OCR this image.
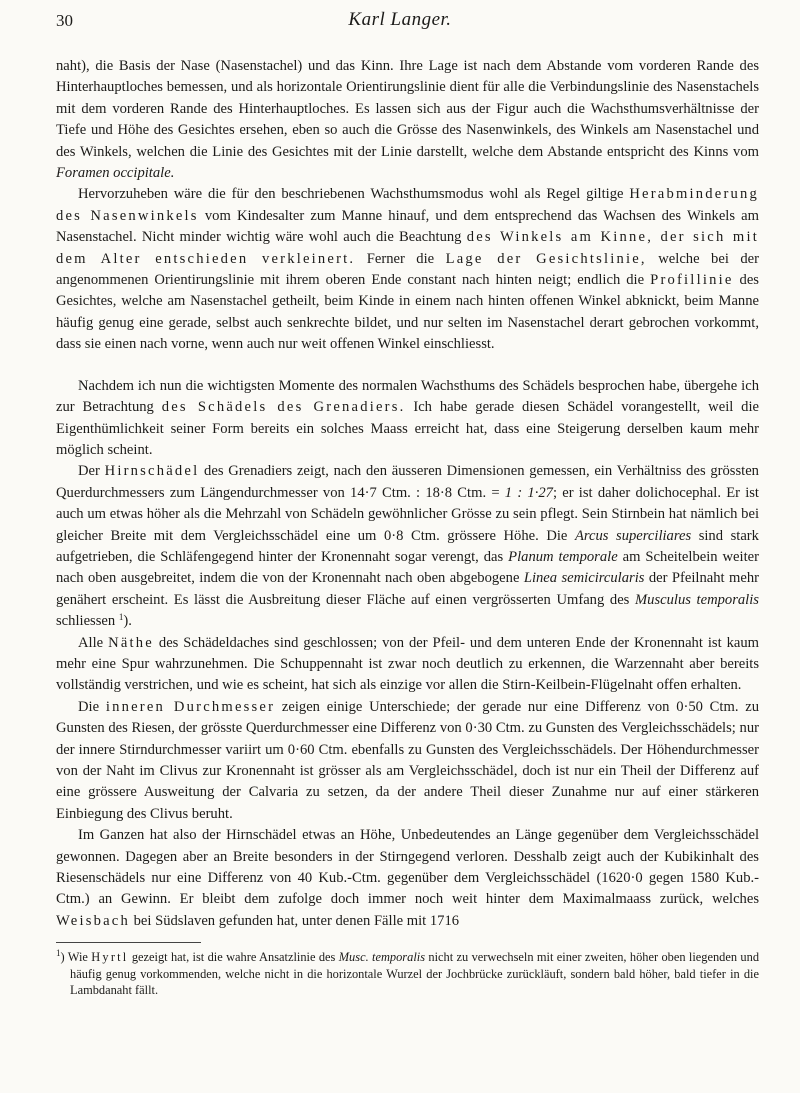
30	Karl Langer.

naht), die Basis der Nase (Nasenstachel) und das Kinn. Ihre Lage ist nach dem Abstande vom vorderen Rande des Hinterhauptloches bemessen, und als horizontale Orientirungslinie dient für alle die Verbindungslinie des Nasenstachels mit dem vorderen Rande des Hinterhauptloches. Es lassen sich aus der Figur auch die Wachsthumsverhältnisse der Tiefe und Höhe des Gesichtes ersehen, eben so auch die Grösse des Nasenwinkels, des Winkels am Nasenstachel und des Winkels, welchen die Linie des Gesichtes mit der Linie darstellt, welche dem Abstande entspricht des Kinns vom Foramen occipitale.

Hervorzuheben wäre die für den beschriebenen Wachsthumsmodus wohl als Regel giltige Herabminderung des Nasenwinkels vom Kindesalter zum Manne hinauf, und dem entsprechend das Wachsen des Winkels am Nasenstachel. Nicht minder wichtig wäre wohl auch die Beachtung des Winkels am Kinne, der sich mit dem Alter entschieden verkleinert. Ferner die Lage der Gesichtslinie, welche bei der angenommenen Orientirungslinie mit ihrem oberen Ende constant nach hinten neigt; endlich die Profillinie des Gesichtes, welche am Nasenstachel getheilt, beim Kinde in einem nach hinten offenen Winkel abknickt, beim Manne häufig genug eine gerade, selbst auch senkrechte bildet, und nur selten im Nasenstachel derart gebrochen vorkommt, dass sie einen nach vorne, wenn auch nur weit offenen Winkel einschliesst.

Nachdem ich nun die wichtigsten Momente des normalen Wachsthums des Schädels besprochen habe, übergehe ich zur Betrachtung des Schädels des Grenadiers. Ich habe gerade diesen Schädel vorangestellt, weil die Eigenthümlichkeit seiner Form bereits ein solches Maass erreicht hat, dass eine Steigerung derselben kaum mehr möglich scheint.

Der Hirnschädel des Grenadiers zeigt, nach den äusseren Dimensionen gemessen, ein Verhältniss des grössten Querdurchmessers zum Längendurchmesser von 14·7 Ctm. : 18·8 Ctm. = 1 : 1·27; er ist daher dolichocephal. Er ist auch um etwas höher als die Mehrzahl von Schädeln gewöhnlicher Grösse zu sein pflegt. Sein Stirnbein hat nämlich bei gleicher Breite mit dem Vergleichsschädel eine um 0·8 Ctm. grössere Höhe. Die Arcus superciliares sind stark aufgetrieben, die Schläfengegend hinter der Kronennaht sogar verengt, das Planum temporale am Scheitelbein weiter nach oben ausgebreitet, indem die von der Kronennaht nach oben abgebogene Linea semicircularis der Pfeilnaht mehr genähert erscheint. Es lässt die Ausbreitung dieser Fläche auf einen vergrösserten Umfang des Musculus temporalis schliessen $^1$).

Alle Näthe des Schädeldaches sind geschlossen; von der Pfeil- und dem unteren Ende der Kronennaht ist kaum mehr eine Spur wahrzunehmen. Die Schuppennaht ist zwar noch deutlich zu erkennen, die Warzennaht aber bereits vollständig verstrichen, und wie es scheint, hat sich als einzige vor allen die Stirn-Keilbein-Flügelnaht offen erhalten.

Die inneren Durchmesser zeigen einige Unterschiede; der gerade nur eine Differenz von 0·50 Ctm. zu Gunsten des Riesen, der grösste Querdurchmesser eine Differenz von 0·30 Ctm. zu Gunsten des Vergleichsschädels; nur der innere Stirndurchmesser variirt um 0·60 Ctm. ebenfalls zu Gunsten des Vergleichsschädels. Der Höhendurchmesser von der Naht im Clivus zur Kronennaht ist grösser als am Vergleichsschädel, doch ist nur ein Theil der Differenz auf eine grössere Ausweitung der Calvaria zu setzen, da der andere Theil dieser Zunahme nur auf einer stärkeren Einbiegung des Clivus beruht.

Im Ganzen hat also der Hirnschädel etwas an Höhe, Unbedeutendes an Länge gegenüber dem Vergleichsschädel gewonnen. Dagegen aber an Breite besonders in der Stirngegend verloren. Desshalb zeigt auch der Kubikinhalt des Riesenschädels nur eine Differenz von 40 Kub.-Ctm. gegenüber dem Vergleichsschädel (1620·0 gegen 1580 Kub.-Ctm.) an Gewinn. Er bleibt dem zufolge doch immer noch weit hinter dem Maximalmaass zurück, welches Weisbach bei Südslaven gefunden hat, unter denen Fälle mit 1716

$^1$) Wie Hyrtl gezeigt hat, ist die wahre Ansatzlinie des Musc. temporalis nicht zu verwechseln mit einer zweiten, höher oben liegenden und häufig genug vorkommenden, welche nicht in die horizontale Wurzel der Jochbrücke zurückläuft, sondern bald höher, bald tiefer in die Lambdanaht fällt.
